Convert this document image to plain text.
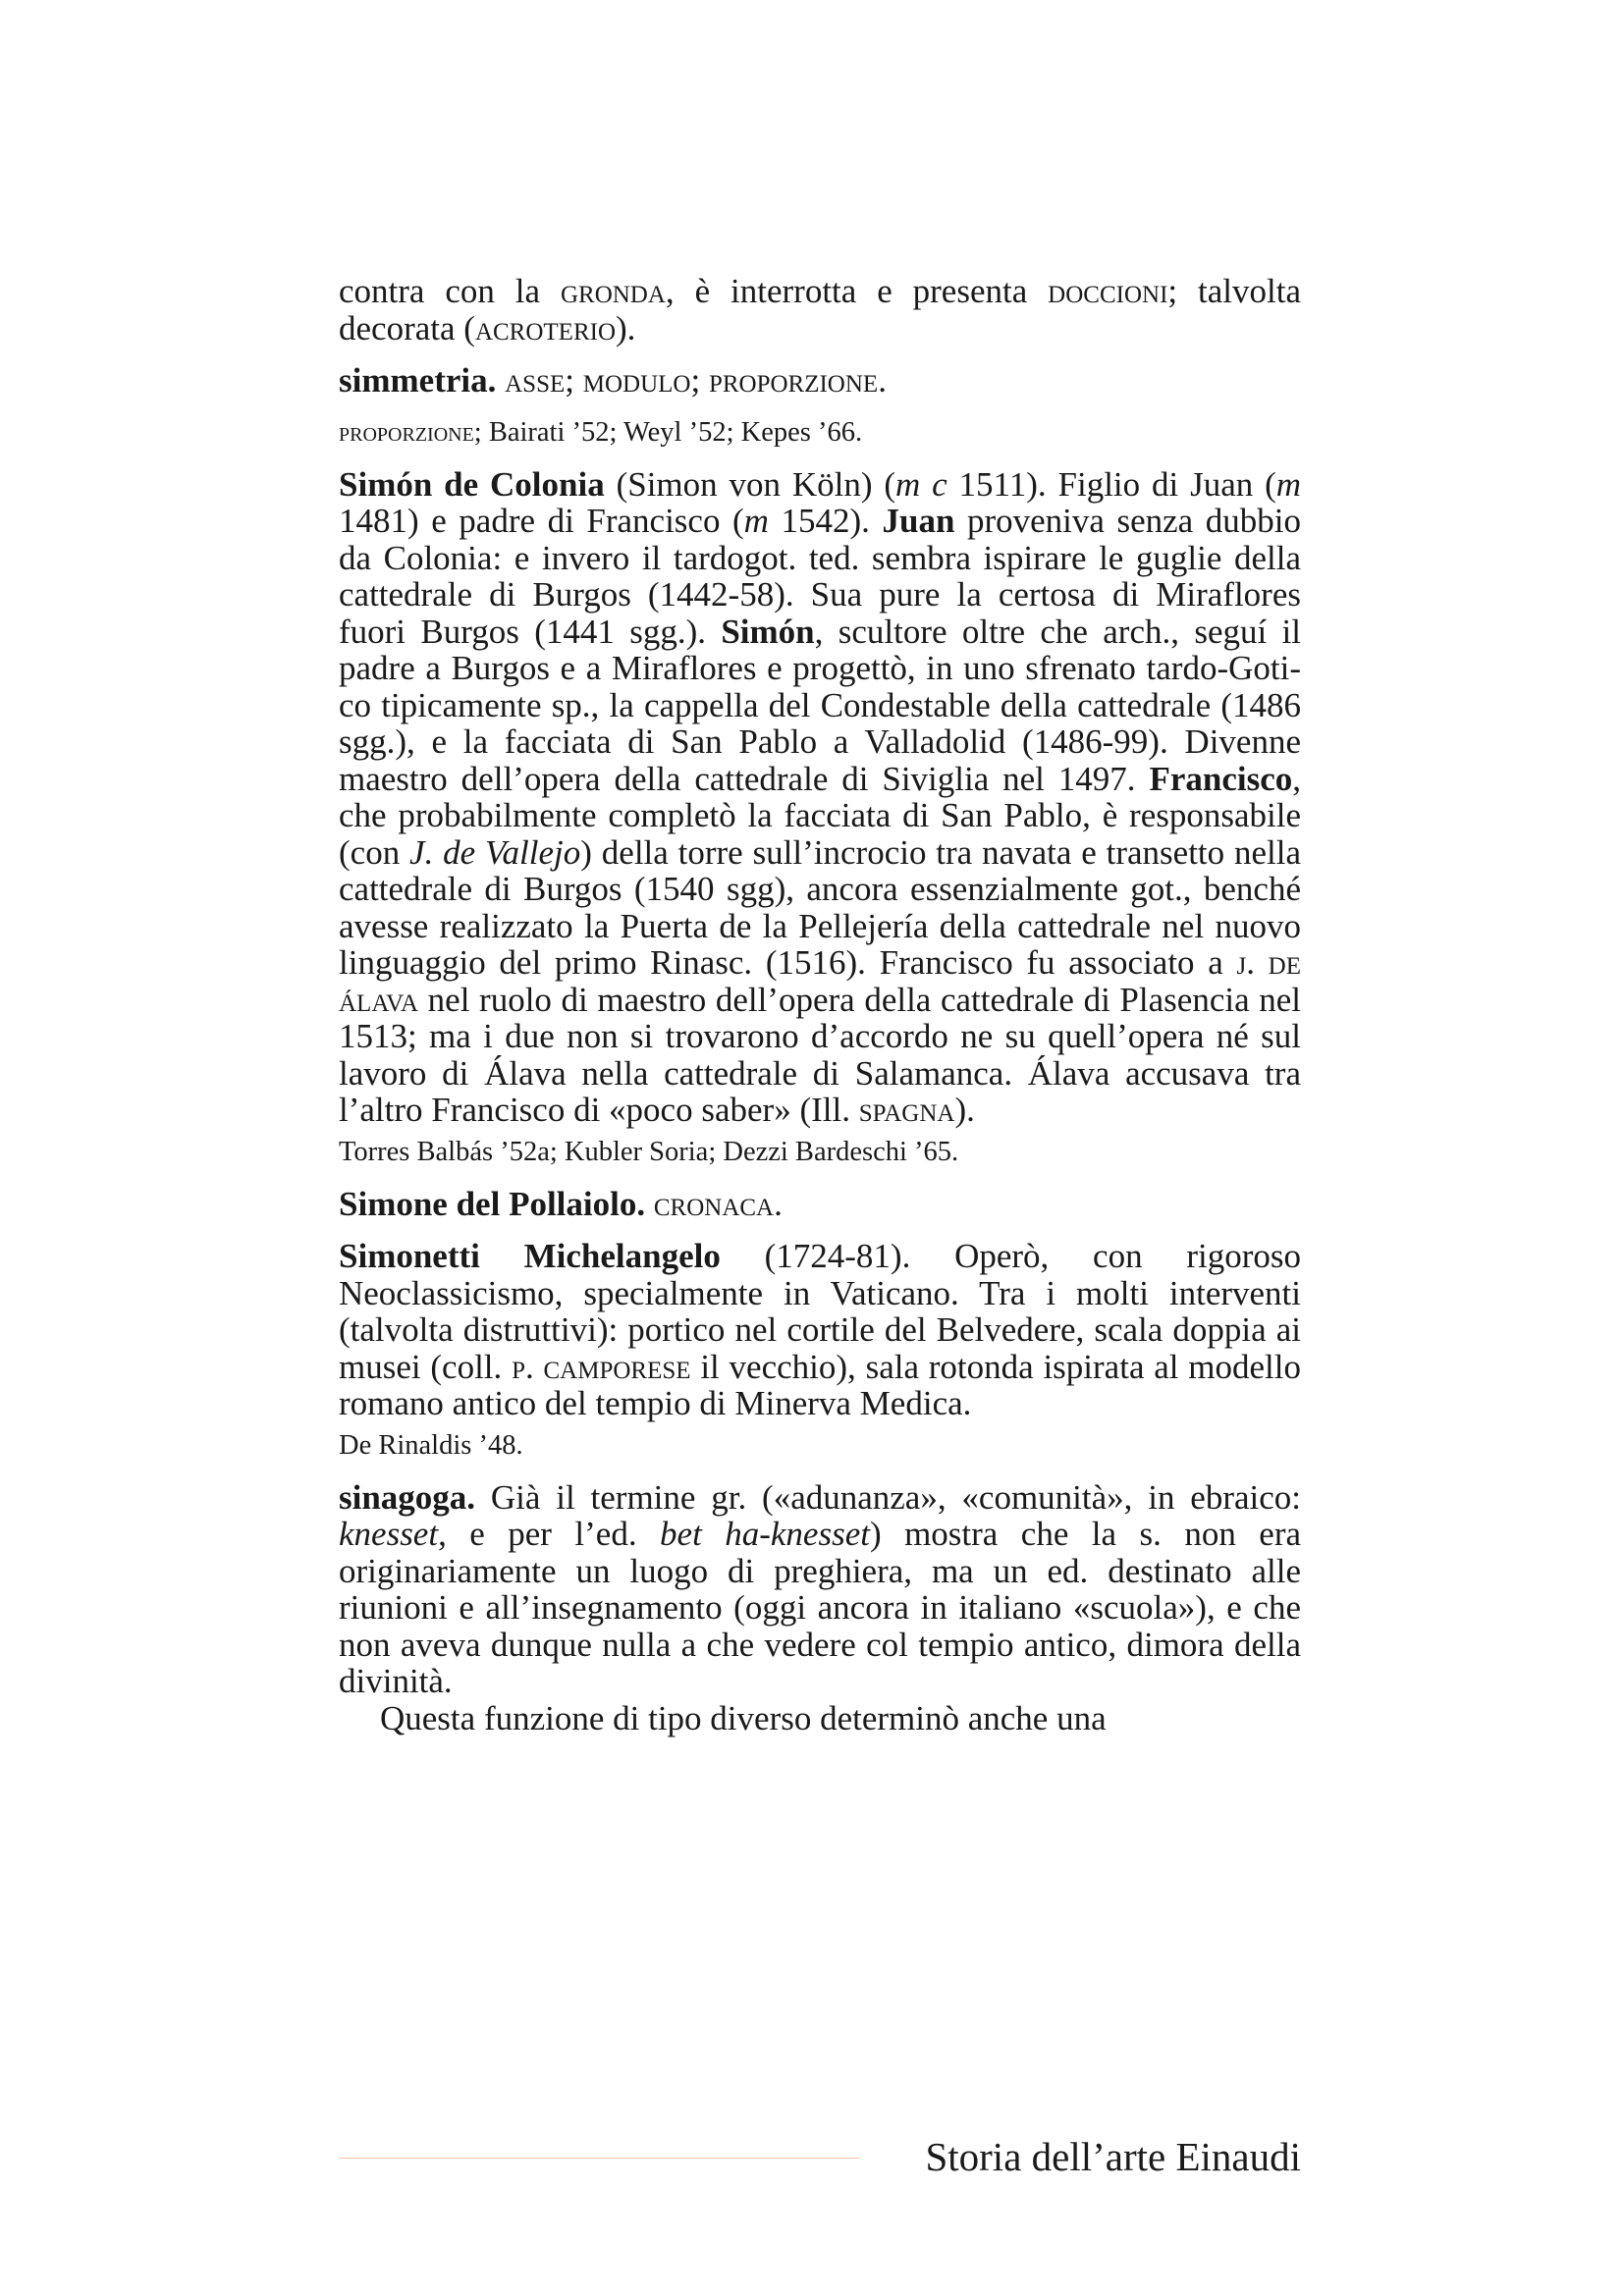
contra con la gronda, è interrotta e presenta doccioni; talvolta decorata (acroterio).

simmetria. asse; modulo; proporzione.

proporzione; Bairati ’52; Weyl ’52; Kepes ’66.

Simón de Colonia (Simon von Köln) (m c 1511). Figlio di Juan (m 1481) e padre di Francisco (m 1542). Juan proveniva senza dubbio da Colonia: e invero il tardogot. ted. sembra ispirare le guglie della cattedrale di Burgos (1442-58). Sua pure la certosa di Miraflores fuori Burgos (1441 sgg.). Simón, scultore oltre che arch., seguí il padre a Burgos e a Miraflores e progettò, in uno sfrenato tardo-Gotico tipicamente sp., la cappella del Condestable della cattedrale (1486 sgg.), e la facciata di San Pablo a Valladolid (1486-99). Divenne maestro dell’opera della cattedrale di Siviglia nel 1497. Francisco, che probabilmente completò la facciata di San Pablo, è responsabile (con J. de Vallejo) della torre sull’incrocio tra navata e transetto nella cattedrale di Burgos (1540 sgg), ancora essenzialmente got., benché avesse realizzato la Puerta de la Pellejería della cattedrale nel nuovo linguaggio del primo Rinasc. (1516). Francisco fu associato a j. de álava nel ruolo di maestro dell’opera della cattedrale di Plasencia nel 1513; ma i due non si trovarono d’accordo ne su quell’opera né sul lavoro di Álava nella cattedrale di Salamanca. Álava accusava tra l’altro Francisco di «poco saber» (Ill. spagna).

Torres Balbás ’52a; Kubler Soria; Dezzi Bardeschi ’65.

Simone del Pollaiolo. cronaca.

Simonetti Michelangelo (1724-81). Operò, con rigoroso Neoclassicismo, specialmente in Vaticano. Tra i molti interventi (talvolta distruttivi): portico nel cortile del Belvedere, scala doppia ai musei (coll. p. camporese il vecchio), sala rotonda ispirata al modello romano antico del tempio di Minerva Medica.

De Rinaldis ’48.

sinagoga. Già il termine gr. («adunanza», «comunità», in ebraico: knesset, e per l’ed. bet ha-knesset) mostra che la s. non era originariamente un luogo di preghiera, ma un ed. destinato alle riunioni e all’insegnamento (oggi ancora in italiano «scuola»), e che non aveva dunque nulla a che vedere col tempio antico, dimora della divinità.

Questa funzione di tipo diverso determinò anche una

Storia dell’arte Einaudi
